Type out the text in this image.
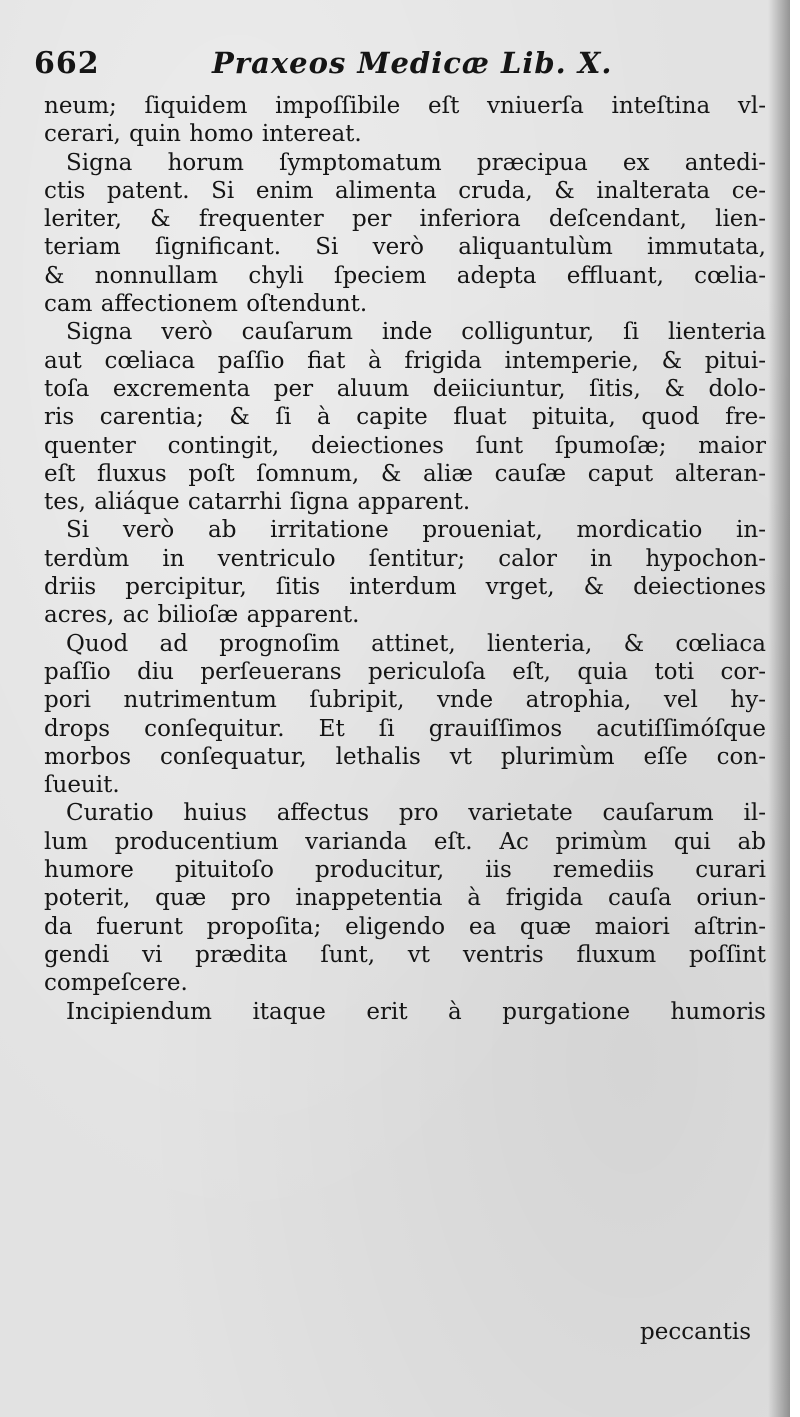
662	Praxeos Medicæ Lib. X.
neum; ſiquidem impoſſibile eſt vniuerſa inteſtina vl-
cerari, quin homo intereat.
Signa horum ſymptomatum præcipua ex antedi-
ctis patent. Si enim alimenta cruda, & inalterata ce-
leriter, & frequenter per inferiora deſcendant, lien-
teriam ſignificant. Si verò aliquantulùm immutata,
& nonnullam chyli ſpeciem adepta effluant, cœlia-
cam affectionem oſtendunt.
Signa verò cauſarum inde colliguntur, ſi lienteria
aut cœliaca paſſio fiat à frigida intemperie, & pitui-
toſa excrementa per aluum deiiciuntur, ſitis, & dolo-
ris carentia; & ſi à capite fluat pituita, quod fre-
quenter contingit, deiectiones ſunt ſpumoſæ; maior
eſt fluxus poſt ſomnum, & aliæ cauſæ caput alteran-
tes, aliáque catarrhi ſigna apparent.
Si verò ab irritatione proueniat, mordicatio in-
terdùm in ventriculo ſentitur; calor in hypochon-
driis percipitur, ſitis interdum vrget, & deiectiones
acres, ac bilioſæ apparent.
Quod ad prognoſim attinet, lienteria, & cœliaca
paſſio diu perſeuerans periculoſa eſt, quia toti cor-
pori nutrimentum ſubripit, vnde atrophia, vel hy-
drops conſequitur. Et ſi grauiſſimos acutiſſimóſque
morbos conſequatur, lethalis vt plurimùm eſſe con-
ſueuit.
Curatio huius affectus pro varietate cauſarum il-
lum producentium varianda eſt. Ac primùm qui ab
humore pituitoſo producitur, iis remediis curari
poterit, quæ pro inappetentia à frigida cauſa oriun-
da fuerunt propoſita; eligendo ea quæ maiori aſtrin-
gendi vi prædita ſunt, vt ventris fluxum poſſint
compeſcere.
Incipiendum itaque erit à purgatione humoris
peccantis
